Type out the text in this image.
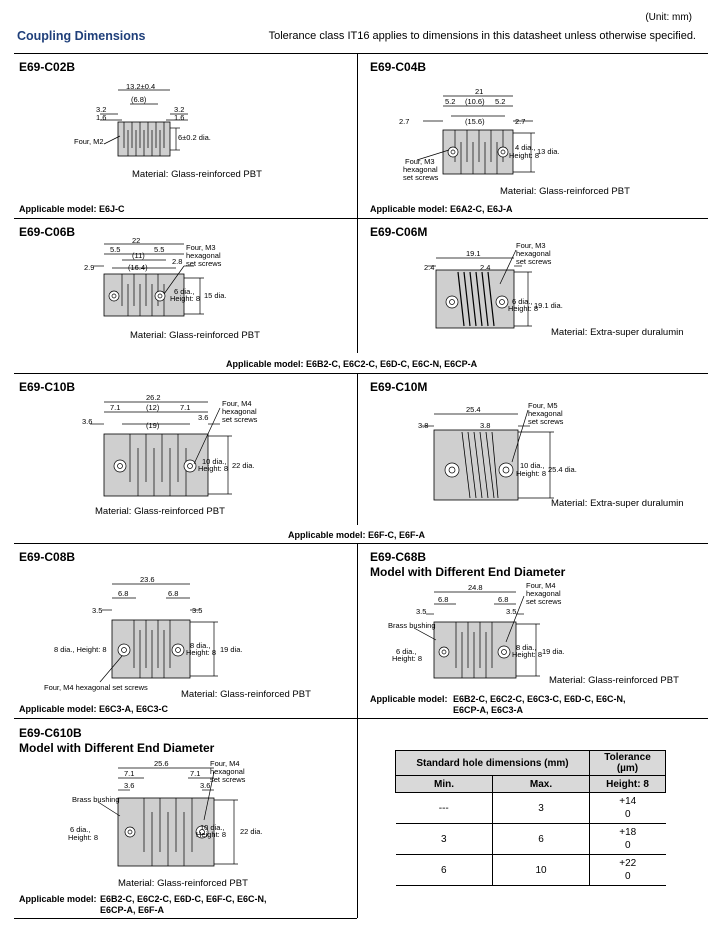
(Unit: mm)
Coupling Dimensions	Tolerance class IT16 applies to dimensions in this datasheet unless otherwise specified.
E69-C02B
13.2±0.4
(6.8)
3.2	3.2
1.6	1.6
Four, M2	6±0.2 dia.
Material: Glass-reinforced PBT
Applicable model: E6J-C
E69-C04B
21
5.2 (10.6) 5.2
2.7	(15.6)	2.7
Four, M3
hexagonal
set screws
4 dia.,
Height: 8
13 dia.
Material: Glass-reinforced PBT
Applicable model: E6A2-C, E6J-A
E69-C06B
22
5.5	5.5
(11)
2.9	(16.4)
2.8
Four, M3
hexagonal
set screws
6 dia.,
Height: 8 15 dia.
Material: Glass-reinforced PBT
E69-C06M
19.1
2.4	2.4
Four, M3
hexagonal
set screws
6 dia.,
Height: 8
19.1 dia.
Material: Extra-super duralumin
Applicable model: E6B2-C, E6C2-C, E6D-C, E6C-N, E6CP-A
E69-C10B
26.2
7.1	(12)	7.1
3.6	3.6
(19)
Four, M4
hexagonal
set screws
10 dia.,
Height: 8 22 dia.
Material: Glass-reinforced PBT
E69-C10M
25.4
3.8	3.8
Four, M5
hexagonal
set screws
10 dia.,
Height: 8 25.4 dia.
Material: Extra-super duralumin
Applicable model: E6F-C, E6F-A
E69-C08B
23.6
6.8	6.8
3.5	3.5
8 dia., Height: 8	8 dia.,
Height: 8 19 dia.
Four, M4 hexagonal set screws
Material: Glass-reinforced PBT
Applicable model: E6C3-A, E6C3-C
E69-C68B
Model with Different End Diameter
24.8
6.8	6.8
3.5	3.5
Four, M4
hexagonal
set screws
Brass bushing
6 dia.,
Height: 8
8 dia.,
Height: 8 19 dia.
Material: Glass-reinforced PBT
Applicable model: E6B2-C, E6C2-C, E6C3-C, E6D-C, E6C-N,
E6CP-A, E6C3-A
E69-C610B
Model with Different End Diameter
25.6
7.1	7.1
3.6	3.6
Four, M4
hexagonal
set screws
Brass bushing
6 dia.,
Height: 8
10 dia.,
Height: 8 22 dia.
Material: Glass-reinforced PBT
Applicable model: E6B2-C, E6C2-C, E6D-C, E6F-C, E6C-N,
E6CP-A, E6F-A
Standard hole dimensions (mm)		Tolerance (µm)
Min.	Max.	Height: 8
---	3	+14
0

3	6	+18
0

6	10	+22
0
